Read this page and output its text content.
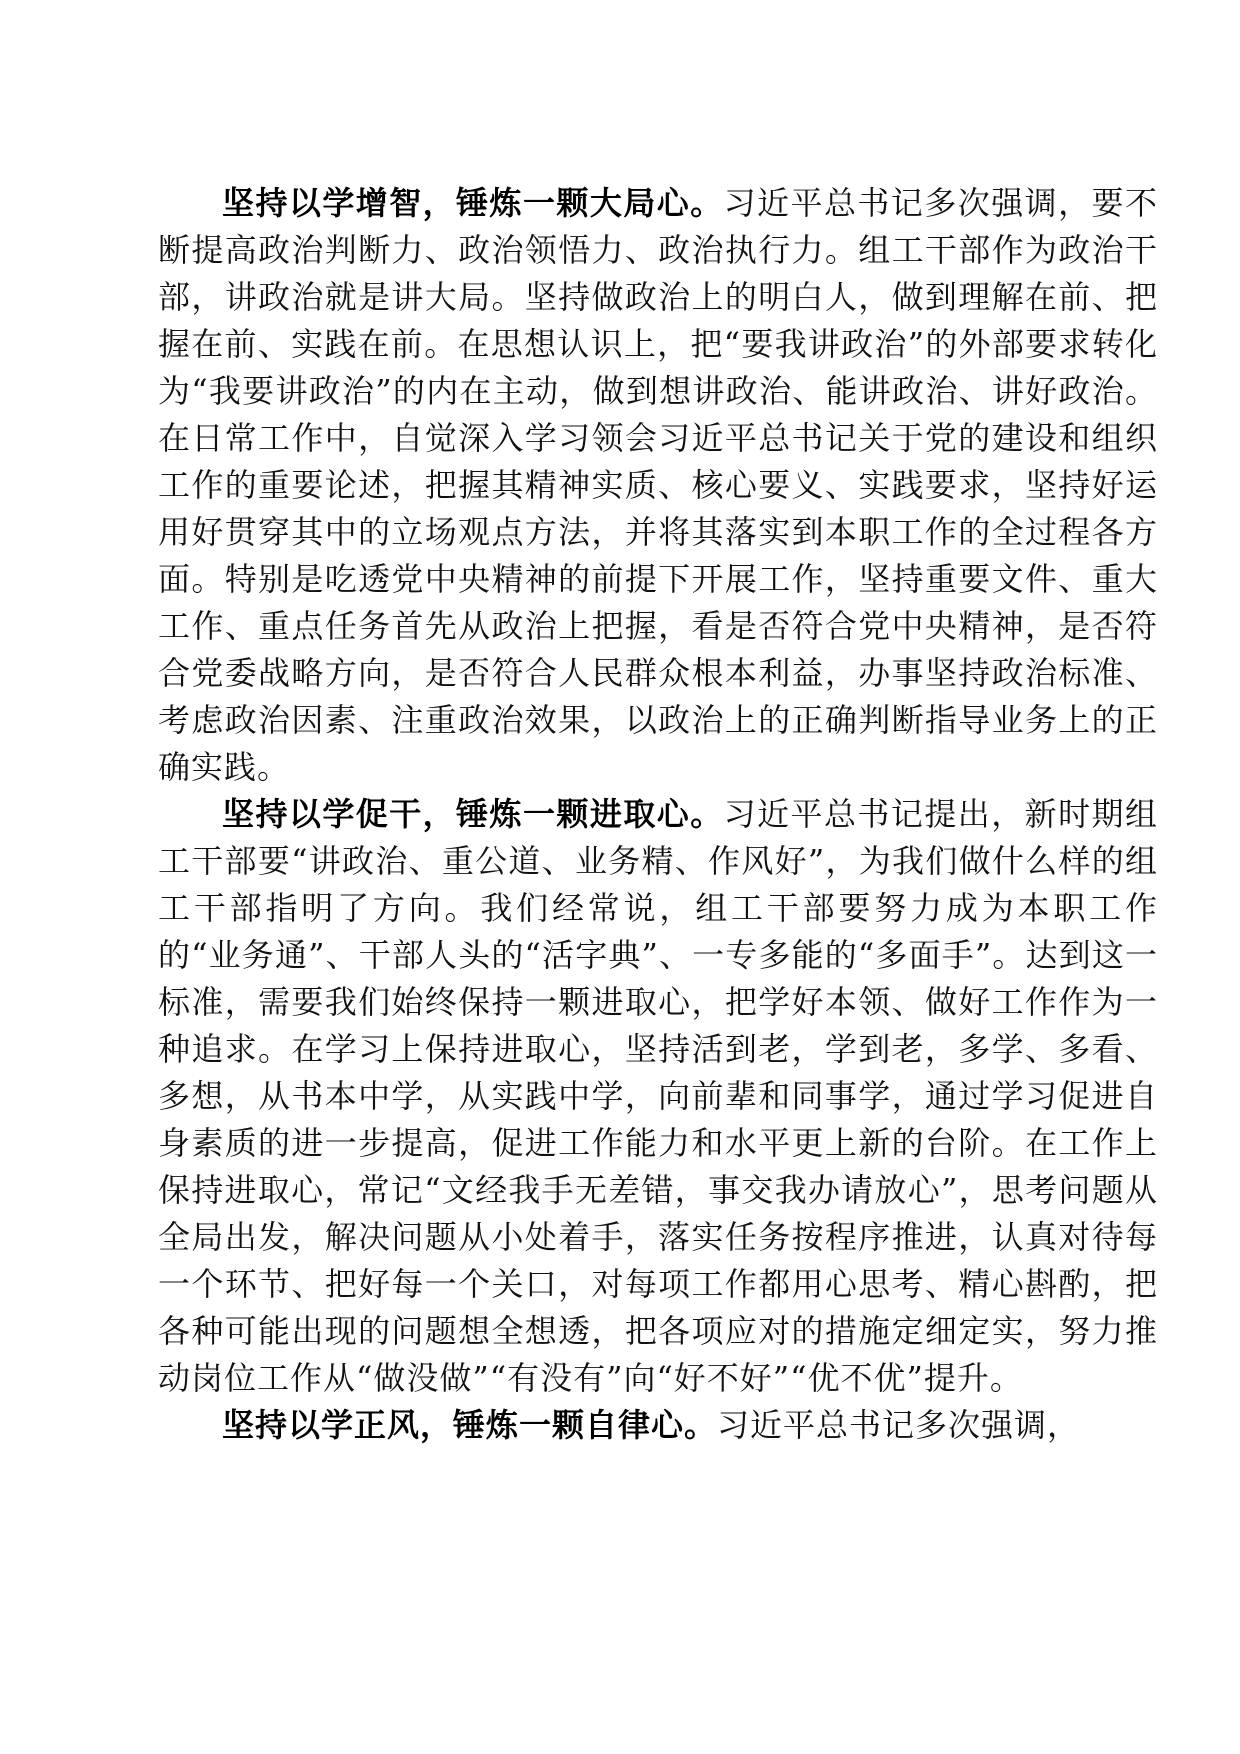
坚持以学增智，锤炼一颗大局心。习近平总书记多次强调，要不断提高政治判断力、政治领悟力、政治执行力。组工干部作为政治干部，讲政治就是讲大局。坚持做政治上的明白人，做到理解在前、把握在前、实践在前。在思想认识上，把“要我讲政治”的外部要求转化为“我要讲政治”的内在主动，做到想讲政治、能讲政治、讲好政治。在日常工作中，自觉深入学习领会习近平总书记关于党的建设和组织工作的重要论述，把握其精神实质、核心要义、实践要求，坚持好运用好贯穿其中的立场观点方法，并将其落实到本职工作的全过程各方面。特别是吃透党中央精神的前提下开展工作，坚持重要文件、重大工作、重点任务首先从政治上把握，看是否符合党中央精神，是否符合党委战略方向，是否符合人民群众根本利益，办事坚持政治标准、考虑政治因素、注重政治效果，以政治上的正确判断指导业务上的正确实践。

坚持以学促干，锤炼一颗进取心。习近平总书记提出，新时期组工干部要“讲政治、重公道、业务精、作风好”，为我们做什么样的组工干部指明了方向。我们经常说，组工干部要努力成为本职工作的“业务通”、干部人头的“活字典”、一专多能的“多面手”。达到这一标准，需要我们始终保持一颗进取心，把学好本领、做好工作作为一种追求。在学习上保持进取心，坚持活到老，学到老，多学、多看、多想，从书本中学，从实践中学，向前辈和同事学，通过学习促进自身素质的进一步提高，促进工作能力和水平更上新的台阶。在工作上保持进取心，常记“文经我手无差错，事交我办请放心”，思考问题从全局出发，解决问题从小处着手，落实任务按程序推进，认真对待每一个环节、把好每一个关口，对每项工作都用心思考、精心斟酌，把各种可能出现的问题想全想透，把各项应对的措施定细定实，努力推动岗位工作从“做没做”“有没有”向“好不好”“优不优”提升。

坚持以学正风，锤炼一颗自律心。习近平总书记多次强调，
